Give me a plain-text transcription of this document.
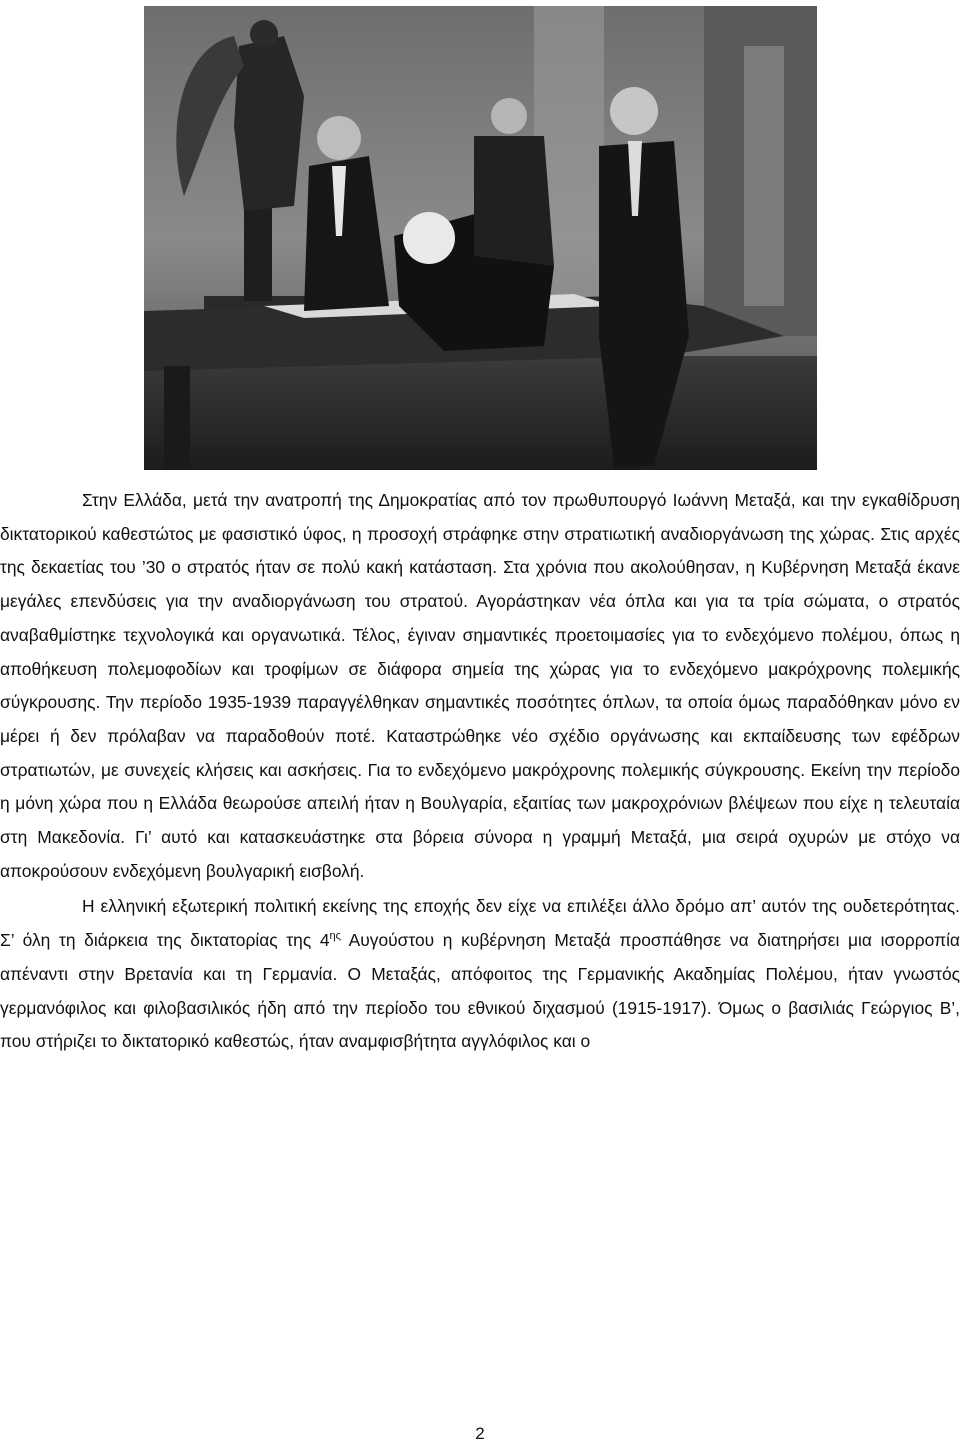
Στην Ελλάδα, μετά την ανατροπή της Δημοκρατίας από τον πρωθυπουργό Ιωάννη Μεταξά, και την εγκαθίδρυση δικτατορικού καθεστώτος με φασιστικό ύφος, η προσοχή στράφηκε στην στρατιωτική αναδιοργάνωση της χώρας. Στις αρχές της δεκαετίας του ’30 ο στρατός ήταν σε πολύ κακή κατάσταση. Στα χρόνια που ακολούθησαν, η Κυβέρνηση Μεταξά έκανε μεγάλες επενδύσεις για την αναδιοργάνωση του στρατού. Αγοράστηκαν νέα όπλα και για τα τρία σώματα, ο στρατός αναβαθμίστηκε τεχνολογικά και οργανωτικά. Τέλος, έγιναν σημαντικές προετοιμασίες για το ενδεχόμενο πολέμου, όπως η αποθήκευση πολεμοφοδίων και τροφίμων σε διάφορα σημεία της χώρας για το ενδεχόμενο μακρόχρονης πολεμικής σύγκρουσης. Την περίοδο 1935-1939 παραγγέλθηκαν σημαντικές ποσότητες όπλων, τα οποία όμως παραδόθηκαν μόνο εν μέρει ή δεν πρόλαβαν να παραδοθούν ποτέ. Καταστρώθηκε νέο σχέδιο οργάνωσης και εκπαίδευσης των εφέδρων στρατιωτών, με συνεχείς κλήσεις και ασκήσεις. Για το ενδεχόμενο μακρόχρονης πολεμικής σύγκρουσης. Εκείνη την περίοδο η μόνη χώρα που η Ελλάδα θεωρούσε απειλή ήταν η Βουλγαρία, εξαιτίας των μακροχρόνιων βλέψεων που είχε η τελευταία στη Μακεδονία. Γι’ αυτό και κατασκευάστηκε στα βόρεια σύνορα η γραμμή Μεταξά, μια σειρά οχυρών με στόχο να αποκρούσουν ενδεχόμενη βουλγαρική εισβολή.

Η ελληνική εξωτερική πολιτική εκείνης της εποχής δεν είχε να επιλέξει άλλο δρόμο απ’ αυτόν της ουδετερότητας. Σ’ όλη τη διάρκεια της δικτατορίας της $4^{\eta\varsigma}$ Αυγούστου η κυβέρνηση Μεταξά προσπάθησε να διατηρήσει μια ισορροπία απέναντι στην Βρετανία και τη Γερμανία. Ο Μεταξάς, απόφοιτος της Γερμανικής Ακαδημίας Πολέμου, ήταν γνωστός γερμανόφιλος και φιλοβασιλικός ήδη από την περίοδο του εθνικού διχασμού (1915-1917). Όμως ο βασιλιάς Γεώργιος Β’, που στήριζει το δικτατορικό καθεστώς, ήταν αναμφισβήτητα αγγλόφιλος και ο

2
